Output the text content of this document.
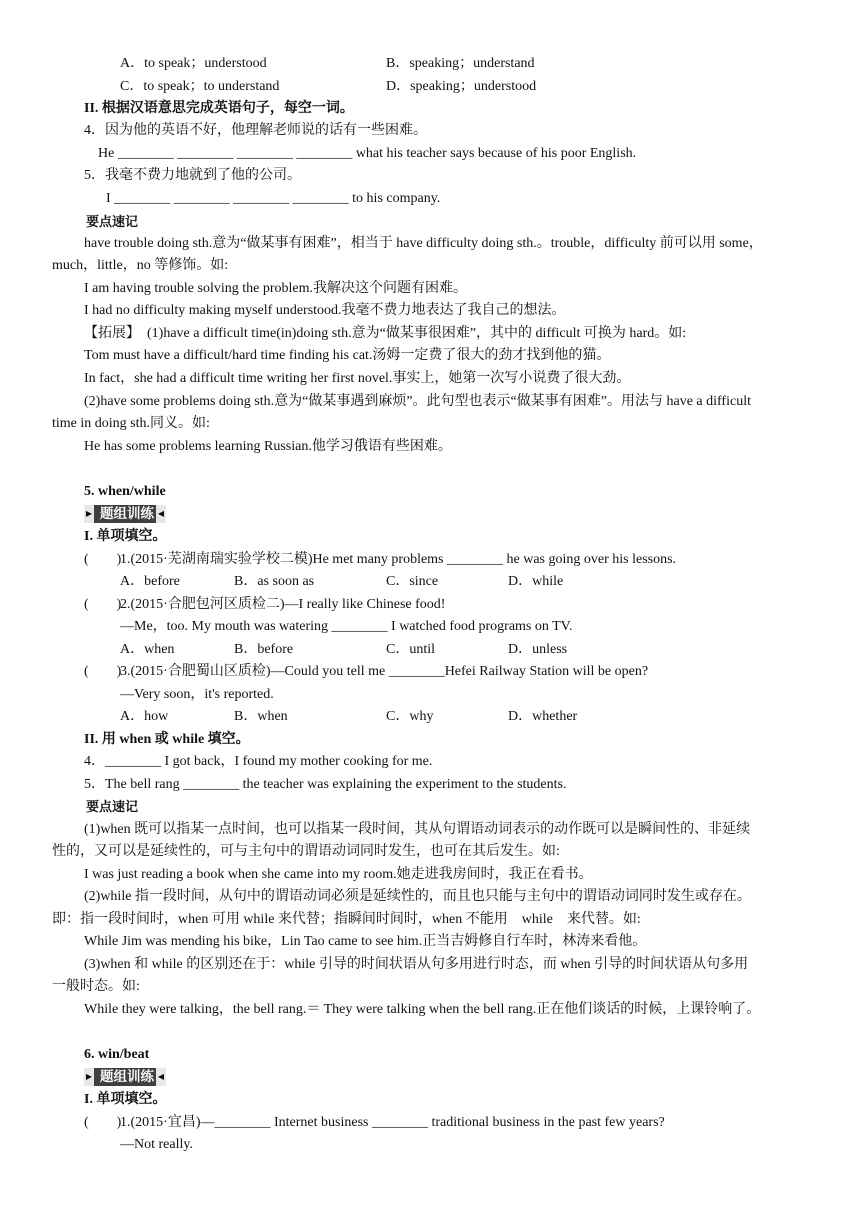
A．to speak；understood	B．speaking；understand
C．to speak；to understand	D．speaking；understood
II. 根据汉语意思完成英语句子，每空一词。
4．因为他的英语不好，他理解老师说的话有一些困难。
He ________ ________ ________ ________ what his teacher says because of his poor English.
5．我毫不费力地就到了他的公司。
I ________ ________ ________ ________ to his company.
要点速记
have trouble doing sth.意为“做某事有困难”，相当于 have difficulty doing sth.。trouble，difficulty 前可以用 some，
much，little，no 等修饰。如:
I am having trouble solving the problem.我解决这个问题有困难。
I had no difficulty making myself understood.我毫不费力地表达了我自己的想法。
【拓展】　(1)have a difficult time(in)doing sth.意为“做某事很困难”，其中的 difficult 可换为 hard。如:
Tom must have a difficult/hard time finding his cat.汤姆一定费了很大的劲才找到他的猫。
In fact，she had a difficult time writing her first novel.事实上，她第一次写小说费了很大劲。
(2)have some problems doing sth.意为“做某事遇到麻烦”。此句型也表示“做某事有困难”。用法与 have a difficult
time in doing sth.同义。如:
He has some problems learning Russian.他学习俄语有些困难。
5. when/while
▶ 题组训练 ◀
I. 单项填空。
(　　)
1.(2015·芜湖南瑞实验学校二模)He met many problems ________ he was going over his lessons.
A．before	B．as soon as	C．since	D．while
(　　)
2.(2015·合肥包河区质检二)—I really like Chinese food!
—Me，too. My mouth was watering ________ I watched food programs on TV.
A．when	B．before	C．until	D．unless
(　　)
3.(2015·合肥蜀山区质检)—Could you tell me ________Hefei Railway Station will be open?
—Very soon，it's reported.
A．how	B．when	C．why	D．whether
II. 用 when 或 while 填空。
4．________ I got back，I found my mother cooking for me.
5．The bell rang ________ the teacher was explaining the experiment to the students.
要点速记
(1)when 既可以指某一点时间，也可以指某一段时间，其从句谓语动词表示的动作既可以是瞬间性的、非延续
性的，又可以是延续性的，可与主句中的谓语动词同时发生，也可在其后发生。如:
I was just reading a book when she came into my room.她走进我房间时，我正在看书。
(2)while 指一段时间，从句中的谓语动词必须是延续性的，而且也只能与主句中的谓语动词同时发生或存在。
即：指一段时间时，when 可用 while 来代替；指瞬间时间时，when 不能用　while　来代替。如:
While Jim was mending his bike，Lin Tao came to see him.正当吉姆修自行车时，林涛来看他。
(3)when 和 while 的区别还在于：while 引导的时间状语从句多用进行时态，而 when 引导的时间状语从句多用
一般时态。如:
While they were talking，the bell rang.＝ They were talking when the bell rang.正在他们谈话的时候，上课铃响了。
6. win/beat
▶ 题组训练 ◀
I. 单项填空。
(　　)
1.(2015·宜昌)—________ Internet business ________ traditional business in the past few years?
—Not really.
